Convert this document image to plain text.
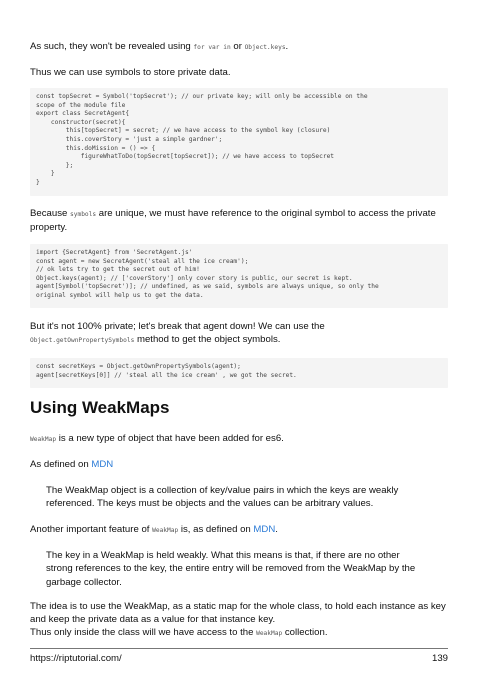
As such, they won't be revealed using for var in or Object.keys.

Thus we can use symbols to store private data.

const topSecret = Symbol('topSecret'); // our private key; will only be accessible on the
scope of the module file
export class SecretAgent{
constructor(secret){
this[topSecret] = secret; // we have access to the symbol key (closure)
this.coverStory = 'just a simple gardner';
this.doMission = () => {
figureWhatToDo(topSecret[topSecret]); // we have access to topSecret
};
}
}

Because symbols are unique, we must have reference to the original symbol to access the private
property.

import {SecretAgent} from 'SecretAgent.js'
const agent = new SecretAgent('steal all the ice cream');
// ok lets try to get the secret out of him!
Object.keys(agent); // ['coverStory'] only cover story is public, our secret is kept.
agent[Symbol('topSecret')]; // undefined, as we said, symbols are always unique, so only the
original symbol will help us to get the data.

But it's not 100% private; let's break that agent down! We can use the
Object.getOwnPropertySymbols method to get the object symbols.

const secretKeys = Object.getOwnPropertySymbols(agent);
agent[secretKeys[0]] // 'steal all the ice cream' , we got the secret.
Using WeakMaps

WeakMap is a new type of object that have been added for es6.

As defined on MDN

The WeakMap object is a collection of key/value pairs in which the keys are weakly
referenced. The keys must be objects and the values can be arbitrary values.

Another important feature of WeakMap is, as defined on MDN.

The key in a WeakMap is held weakly. What this means is that, if there are no other
strong references to the key, the entire entry will be removed from the WeakMap by the
garbage collector.

The idea is to use the WeakMap, as a static map for the whole class, to hold each instance as key
and keep the private data as a value for that instance key.

Thus only inside the class will we have access to the WeakMap collection.

https://riptutorial.com/	139
